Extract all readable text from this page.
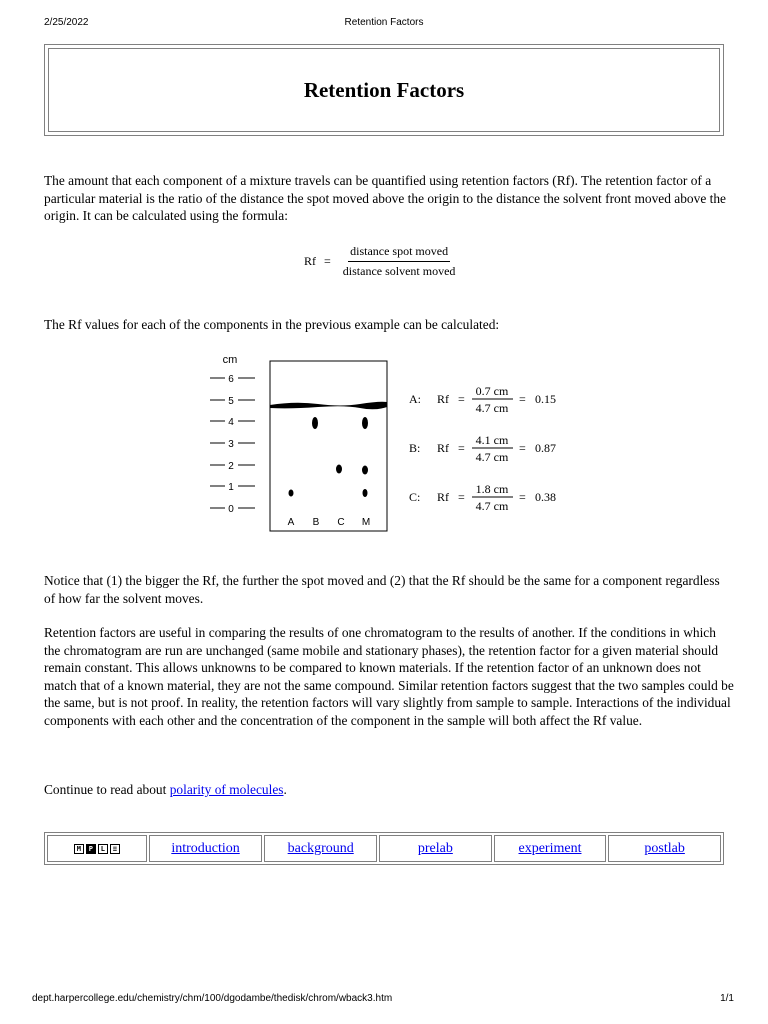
2/25/2022	Retention Factors
Retention Factors

The amount that each component of a mixture travels can be quantified using retention factors (Rf). The retention factor of a particular material is the ratio of the distance the spot moved above the origin to the distance the solvent front moved above the origin. It can be calculated using the formula:

$Rf = \frac{\text{distance spot moved}}{\text{distance solvent moved}}$

The Rf values for each of the components in the previous example can be calculated:

cm
6
5
4
3
2
1
0
A B C M
A: Rf =
0.7 cm
4.7 cm
= 0.15
B: Rf =
4.1 cm
4.7 cm
= 0.87
C: Rf =
1.8 cm
4.7 cm
= 0.38

Notice that (1) the bigger the Rf, the further the spot moved and (2) that the Rf should be the same for a component regardless of how far the solvent moves.

Retention factors are useful in comparing the results of one chromatogram to the results of another. If the conditions in which the chromatogram are run are unchanged (same mobile and stationary phases), the retention factor for a given material should remain constant. This allows unknowns to be compared to known materials. If the retention factor of an unknown does not match that of a known material, they are not the same compound. Similar retention factors suggest that the two samples could be the same, but is not proof. In reality, the retention factors will vary slightly from sample to sample. Interactions of the individual components with each other and the concentration of the component in the sample will both affect the Rf value.

Continue to read about polarity of molecules.

M	P	L	≡	introduction	background	prelab	experiment	postlab
dept.harpercollege.edu/chemistry/chm/100/dgodambe/thedisk/chrom/wback3.htm	1/1
